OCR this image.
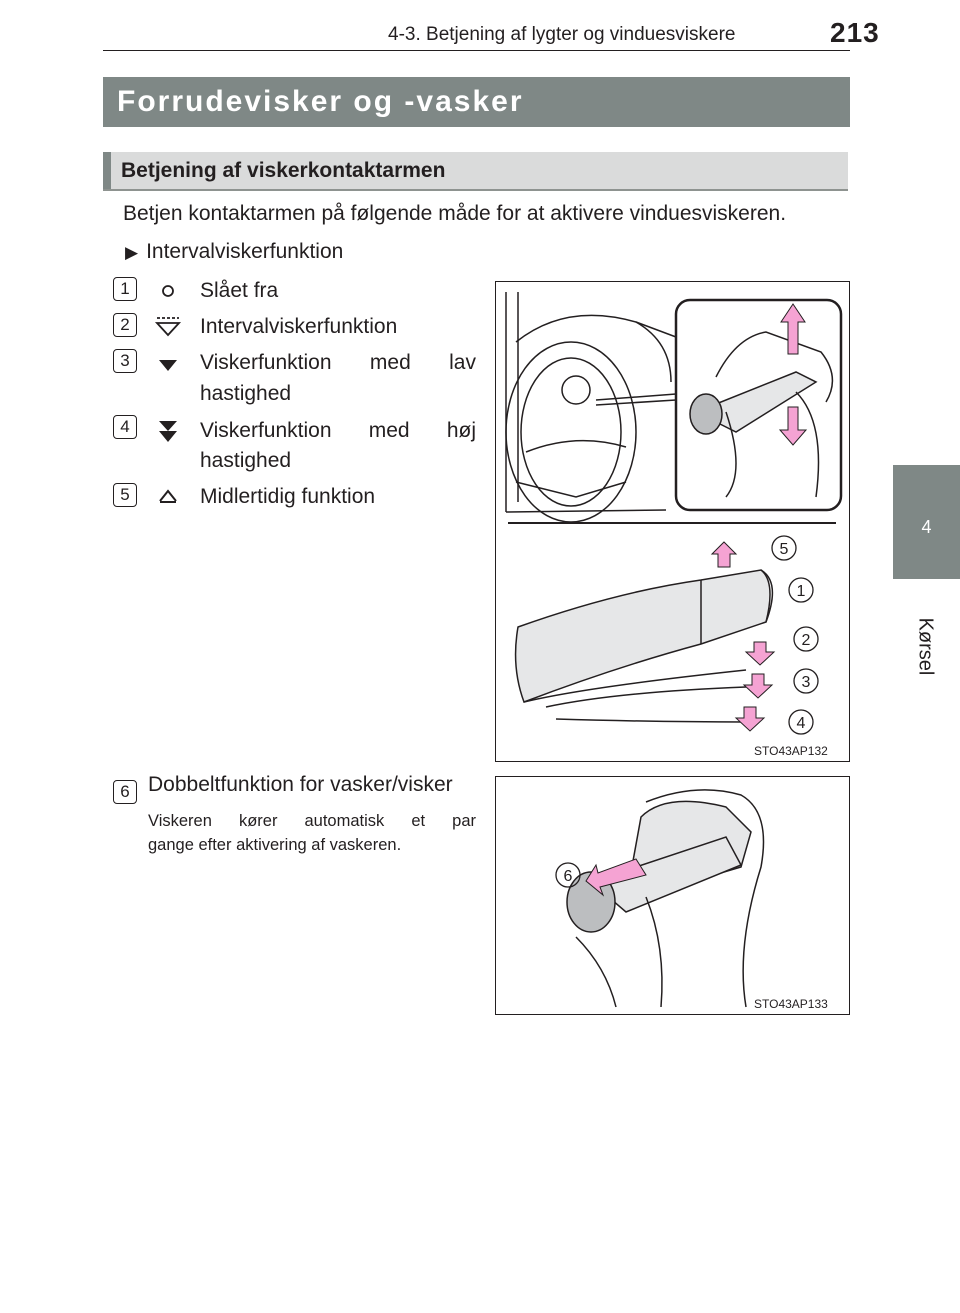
4-3. Betjening af lygter og vinduesviskere	213
4
Kørsel
Forrudevisker og -vasker
Betjening af viskerkontaktarmen
Betjen kontaktarmen på følgende måde for at aktivere vinduesviskeren.
▶ Intervalviskerfunktion
1	Slået fra
2	Intervalviskerfunktion
3	Viskerfunktion med lav
hastighed
4	Viskerfunktion med høj
hastighed
5	Midlertidig funktion
5
1
2
3
4
STO43AP132
6 Dobbeltfunktion for vasker/visker
Viskeren kører automatisk et par
gange efter aktivering af vaskeren.
6
STO43AP133
